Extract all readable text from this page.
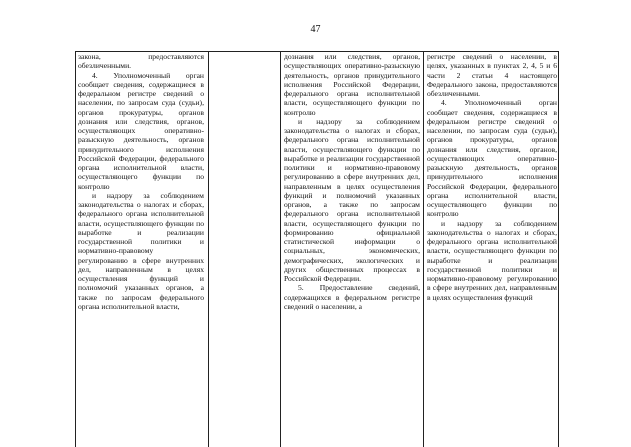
47

закона, предоставляются обезличенными.

4. Уполномоченный орган сообщает сведения, содержащиеся в федеральном регистре сведений о населении, по запросам суда (судьи), органов прокуратуры, органов дознания или следствия, органов, осуществляющих оперативно-разыскную деятельность, органов принудительного исполнения Российской Федерации, федерального органа исполнительной власти, осуществляющего функции по контролю

и надзору за соблюдением законодательства о налогах и сборах, федерального органа исполнительной власти, осуществляющего функции по выработке и реализации государственной политики и нормативно-правовому регулированию в сфере внутренних дел, направленным в целях осуществления функций и полномочий указанных органов, а также по запросам федерального органа исполнительной власти,

дознания или следствия, органов, осуществляющих оперативно-разыскную деятельность, органов принудительного исполнения Российской Федерации, федерального органа исполнительной власти, осуществляющего функции по контролю

и надзору за соблюдением законодательства о налогах и сборах, федерального органа исполнительной власти, осуществляющего функции по выработке и реализации государственной политики и нормативно-правовому регулированию в сфере внутренних дел, направленным в целях осуществления функций и полномочий указанных органов, а также по запросам федерального органа исполнительной власти, осуществляющего функции по формированию официальной статистической информации о социальных, экономических, демографических, экологических и других общественных процессах в Российской Федерации.

5. Предоставление сведений, содержащихся в федеральном регистре сведений о населении, а

регистре сведений о населении, в целях, указанных в пунктах 2, 4, 5 и 6 части 2 статьи 4 настоящего Федерального закона, предоставляются обезличенными.

4. Уполномоченный орган сообщает сведения, содержащиеся в федеральном регистре сведений о населении, по запросам суда (судьи), органов прокуратуры, органов дознания или следствия, органов, осуществляющих оперативно-разыскную деятельность, органов принудительного исполнения Российской Федерации, федерального органа исполнительной власти, осуществляющего функции по контролю

и надзору за соблюдением законодательства о налогах и сборах, федерального органа исполнительной власти, осуществляющего функции по выработке и реализации государственной политики и нормативно-правовому регулированию в сфере внутренних дел, направленным в целях осуществления функций
